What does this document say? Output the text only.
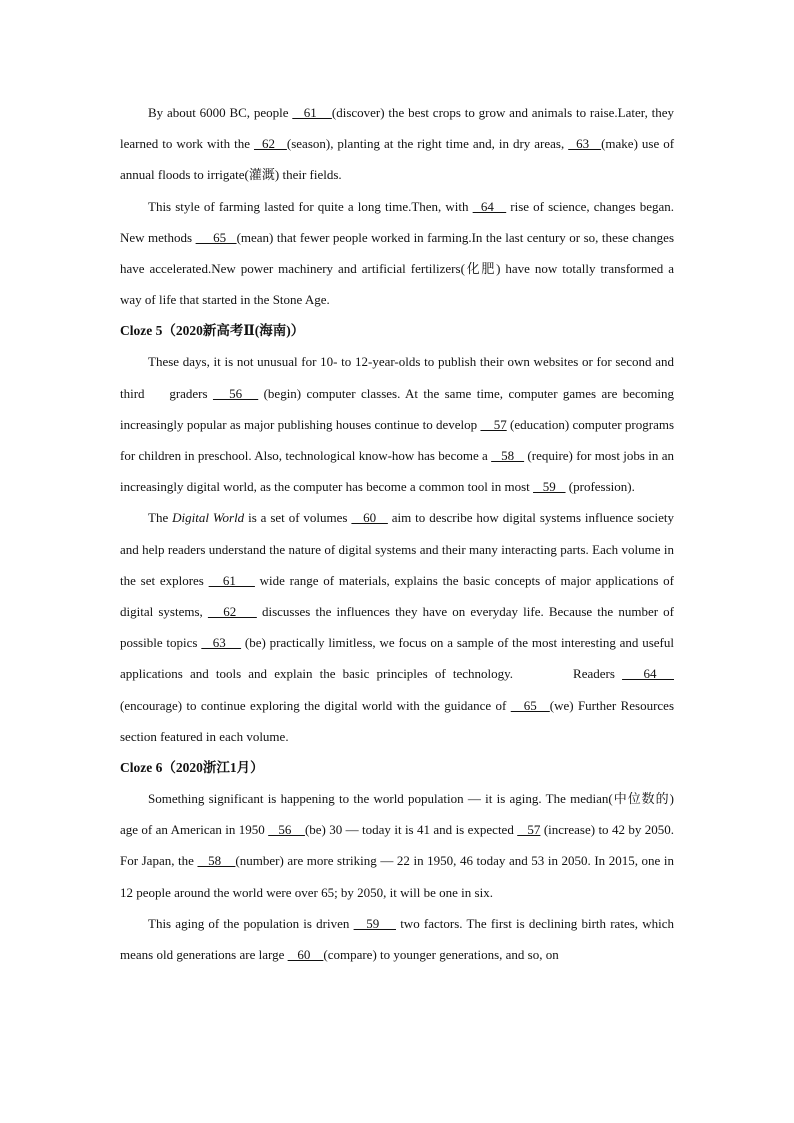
By about 6000 BC, people    61    (discover) the best crops to grow and animals to raise.Later, they learned to work with the   62   (season), planting at the right time and, in dry areas,   63   (make) use of annual floods to irrigate(灌溉) their fields.

This style of farming lasted for quite a long time.Then, with   64    rise of science, changes began. New methods      65   (mean) that fewer people worked in farming.In the last century or so, these changes have accelerated.New power machinery and artificial fertilizers(化肥) have now totally transformed a way of life that started in the Stone Age.

Cloze 5（2020新高考Ⅱ(海南)）

These days, it is not unusual for 10- to 12-year-olds to publish their own websites or for second and third  graders    56    (begin) computer classes. At the same time, computer games are becoming increasingly popular as major publishing houses continue to develop     57 (education) computer programs for children in preschool. Also, technological know-how has become a    58    (require) for most jobs in an increasingly digital world, as the computer has become a common tool in most    59    (profession).

The Digital World is a set of volumes    60    aim to describe how digital systems influence society and help readers understand the nature of digital systems and their many interacting parts. Each volume in the set explores    61     wide range of materials, explains the basic concepts of major applications of digital systems,    62     discusses the influences they have on everyday life. Because the number of possible topics    63     (be) practically limitless, we focus on a sample of the most interesting and useful applications and tools and explain the basic principles of technology.	Readers    64    (encourage) to continue exploring the digital world with the guidance of    65   (we) Further Resources section featured in each volume.

Cloze 6（2020浙江1月）

Something significant is happening to the world population — it is aging. The median(中位数的) age of an American in 1950    56    (be) 30 — today it is 41 and is expected    57 (increase) to 42 by 2050. For Japan, the    58    (number) are more striking — 22 in 1950, 46 today and 53 in 2050. In 2015, one in 12 people around the world were over 65; by 2050, it will be one in six.

This aging of the population is driven    59     two factors. The first is declining birth rates, which means old generations are large    60    (compare) to younger generations, and so, on
